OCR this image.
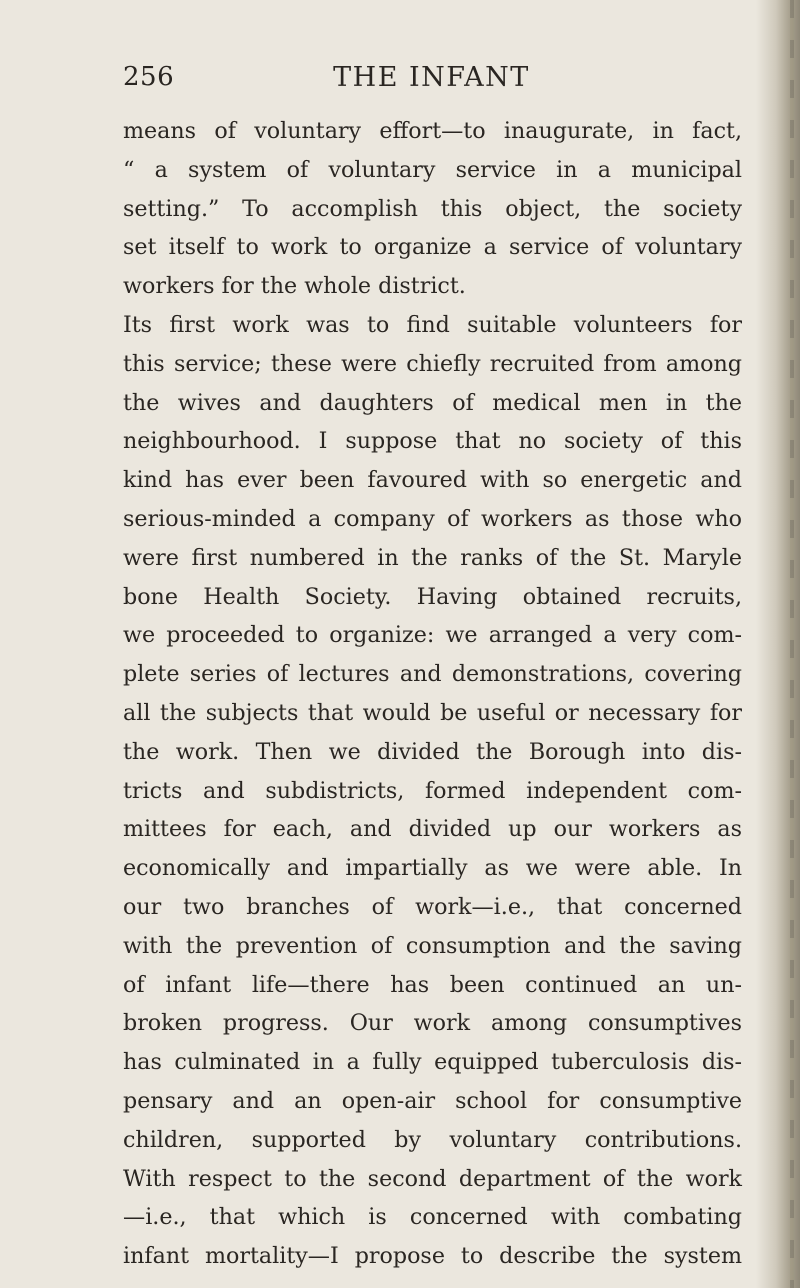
256	THE INFANT
means of voluntary effort—to inaugurate, in fact,
“ a system of voluntary service in a municipal
setting.” To accomplish this object, the society
set itself to work to organize a service of voluntary
workers for the whole district.
Its first work was to find suitable volunteers for
this service; these were chiefly recruited from among
the wives and daughters of medical men in the
neighbourhood. I suppose that no society of this
kind has ever been favoured with so energetic and
serious-minded a company of workers as those who
were first numbered in the ranks of the St. Maryle
bone Health Society. Having obtained recruits,
we proceeded to organize: we arranged a very com-
plete series of lectures and demonstrations, covering
all the subjects that would be useful or necessary for
the work. Then we divided the Borough into dis-
tricts and subdistricts, formed independent com-
mittees for each, and divided up our workers as
economically and impartially as we were able. In
our two branches of work—i.e., that concerned
with the prevention of consumption and the saving
of infant life—there has been continued an un-
broken progress. Our work among consumptives
has culminated in a fully equipped tuberculosis dis-
pensary and an open-air school for consumptive
children, supported by voluntary contributions.
With respect to the second department of the work
—i.e., that which is concerned with combating
infant mortality—I propose to describe the system
